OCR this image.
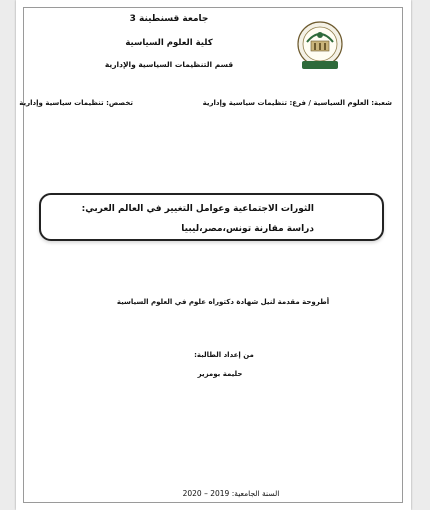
جامعة قسنطينة 3
كلية العلوم السياسية
قسم التنظيمات السياسية والإدارية
شعبة: العلوم السياسية / فرع: تنظيمات سياسية وإدارية
تخصص: تنظيمات سياسية وإدارية
الثورات الاجتماعية وعوامل التغيير في العالم العربي:
دراسة مقارنة تونس،مصر،ليبيا
أطروحة مقدمة لنيل شهادة دكتوراه علوم في العلوم السياسية
من إعداد الطالبة:
حليمة بومزير
السنة الجامعية: 2019 – 2020
